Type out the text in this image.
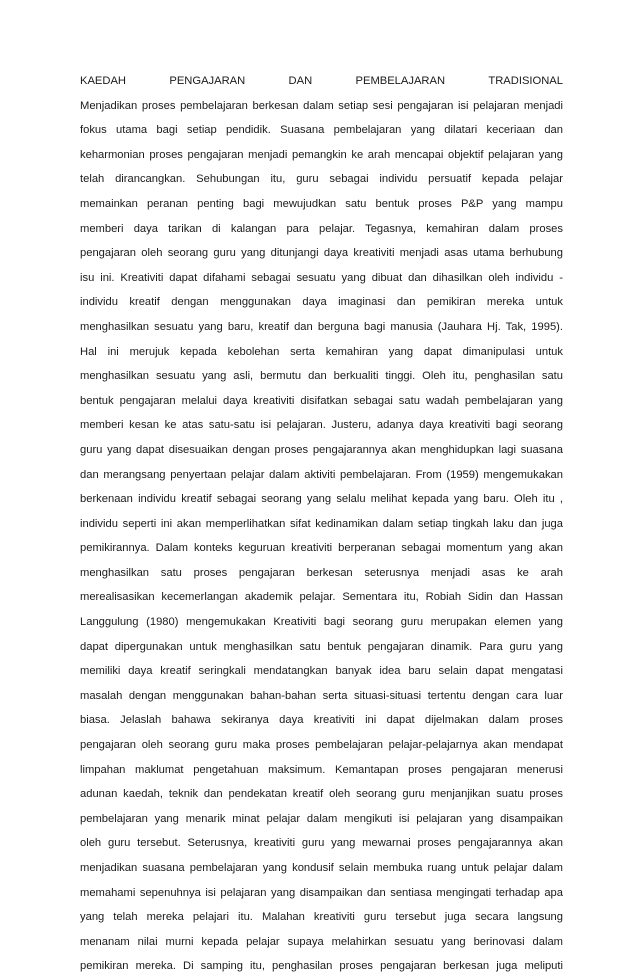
KAEDAH	PENGAJARAN	DAN	PEMBELAJARAN	TRADISIONAL
Menjadikan proses pembelajaran berkesan dalam setiap sesi pengajaran isi pelajaran menjadi
fokus utama bagi setiap pendidik. Suasana pembelajaran yang dilatari keceriaan dan
keharmonian proses pengajaran menjadi pemangkin ke arah mencapai objektif pelajaran yang
telah dirancangkan. Sehubungan itu, guru sebagai individu persuatif kepada pelajar
memainkan peranan penting bagi mewujudkan satu bentuk proses P&P yang mampu
memberi daya tarikan di kalangan para pelajar. Tegasnya, kemahiran dalam proses
pengajaran oleh seorang guru yang ditunjangi daya kreativiti menjadi asas utama berhubung
isu ini. Kreativiti dapat difahami sebagai sesuatu yang dibuat dan dihasilkan oleh individu -
individu kreatif dengan menggunakan daya imaginasi dan pemikiran mereka untuk
menghasilkan sesuatu yang baru, kreatif dan berguna bagi manusia (Jauhara Hj. Tak, 1995).
Hal ini merujuk kepada kebolehan serta kemahiran yang dapat dimanipulasi untuk
menghasilkan sesuatu yang asli, bermutu dan berkualiti tinggi. Oleh itu, penghasilan satu
bentuk pengajaran melalui daya kreativiti disifatkan sebagai satu wadah pembelajaran yang
memberi kesan ke atas satu-satu isi pelajaran. Justeru, adanya daya kreativiti bagi seorang
guru yang dapat disesuaikan dengan proses pengajarannya akan menghidupkan lagi suasana
dan merangsang penyertaan pelajar dalam aktiviti pembelajaran. From (1959) mengemukakan
berkenaan individu kreatif sebagai seorang yang selalu melihat kepada yang baru. Oleh itu ,
individu seperti ini akan memperlihatkan sifat kedinamikan dalam setiap tingkah laku dan juga
pemikirannya. Dalam konteks keguruan kreativiti berperanan sebagai momentum yang akan
menghasilkan satu proses pengajaran berkesan seterusnya menjadi asas ke arah
merealisasikan kecemerlangan akademik pelajar. Sementara itu, Robiah Sidin dan Hassan
Langgulung (1980) mengemukakan Kreativiti bagi seorang guru merupakan elemen yang
dapat dipergunakan untuk menghasilkan satu bentuk pengajaran dinamik. Para guru yang
memiliki daya kreatif seringkali mendatangkan banyak idea baru selain dapat mengatasi
masalah dengan menggunakan bahan-bahan serta situasi-situasi tertentu dengan cara luar
biasa. Jelaslah bahawa sekiranya daya kreativiti ini dapat dijelmakan dalam proses
pengajaran oleh seorang guru maka proses pembelajaran pelajar-pelajarnya akan mendapat
limpahan maklumat pengetahuan maksimum. Kemantapan proses pengajaran menerusi
adunan kaedah, teknik dan pendekatan kreatif oleh seorang guru menjanjikan suatu proses
pembelajaran yang menarik minat pelajar dalam mengikuti isi pelajaran yang disampaikan
oleh guru tersebut. Seterusnya, kreativiti guru yang mewarnai proses pengajarannya akan
menjadikan suasana pembelajaran yang kondusif selain membuka ruang untuk pelajar dalam
memahami sepenuhnya isi pelajaran yang disampaikan dan sentiasa mengingati terhadap apa
yang telah mereka pelajari itu. Malahan kreativiti guru tersebut juga secara langsung
menanam nilai murni kepada pelajar supaya melahirkan sesuatu yang berinovasi dalam
pemikiran mereka. Di samping itu, penghasilan proses pengajaran berkesan juga meliputi
